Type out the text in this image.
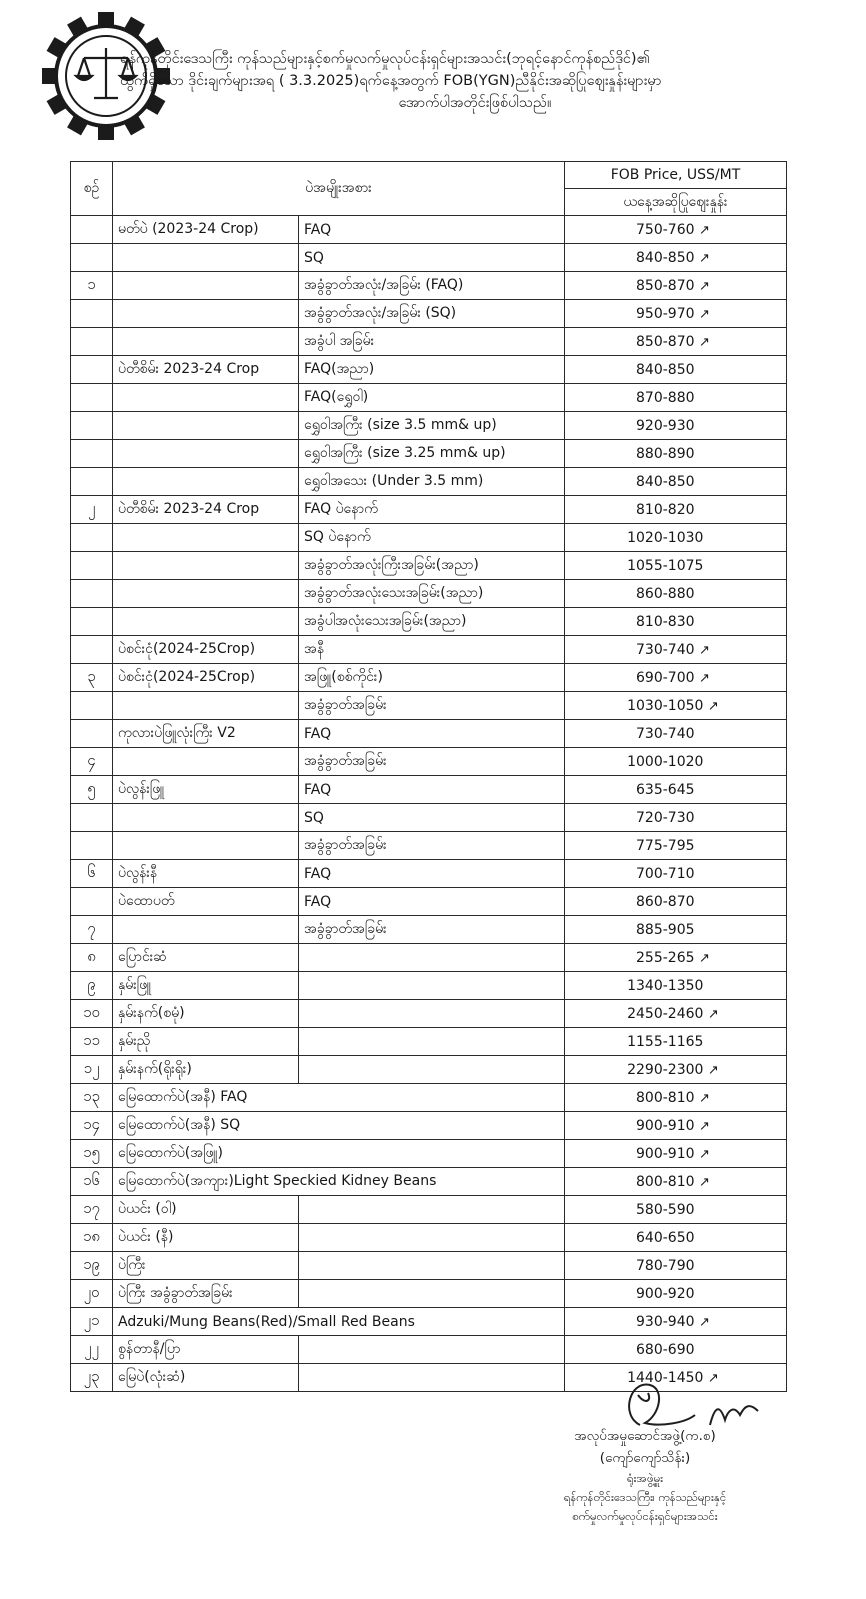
ရန်ကုန်တိုင်းဒေသကြီး ကုန်သည်များနှင့်စက်မှုလက်မှုလုပ်ငန်းရှင်များအသင်း(ဘုရင့်နောင်ကုန်စည်ဒိုင်)၏
ထွက်ရှိသော ဒိုင်းချက်များအရ ( 3.3.2025)ရက်နေ့အတွက် FOB(YGN)ညီနိုင်းအဆိုပြုဈေးနှုန်းများမှာ
အောက်ပါအတိုင်းဖြစ်ပါသည်။
စဉ်	ပဲအမျိုးအစား		FOB Price, USS/MT
			ယနေ့အဆိုပြုဈေးနှုန်း
	မတ်ပဲ (2023-24 Crop)	FAQ	750-760 ↗
		SQ	840-850 ↗
၁		အခွံခွာတ်အလုံး/အခြမ်း (FAQ)	850-870 ↗
		အခွံခွာတ်အလုံး/အခြမ်း (SQ)	950-970 ↗
		အခွံပါ အခြမ်း	850-870 ↗
	ပဲတီစိမ်း 2023-24 Crop	FAQ(အညာ)	840-850
		FAQ(ရွှေဝါ)	870-880
		ရွှေဝါအကြီး (size 3.5 mm& up)	920-930
		ရွှေဝါအကြီး (size 3.25 mm& up)	880-890
		ရွှေဝါအသေး (Under 3.5 mm)	840-850
၂	ပဲတီစိမ်း 2023-24 Crop	FAQ ပဲနောက်	810-820
		SQ ပဲနောက်	1020-1030
		အခွံခွာတ်အလုံးကြီးအခြမ်း(အညာ)	1055-1075
		အခွံခွာတ်အလုံးသေးအခြမ်း(အညာ)	860-880
		အခွံပါအလုံးသေးအခြမ်း(အညာ)	810-830
	ပဲစင်းငုံ(2024-25Crop)	အနီ	730-740 ↗
၃	ပဲစင်းငုံ(2024-25Crop)	အဖြူ(စစ်ကိုင်း)	690-700 ↗
		အခွံခွာတ်အခြမ်း	1030-1050 ↗
	ကုလားပဲဖြူလုံးကြီး V2	FAQ	730-740
၄		အခွံခွာတ်အခြမ်း	1000-1020
၅	ပဲလွန်းဖြူ	FAQ	635-645
		SQ	720-730
		အခွံခွာတ်အခြမ်း	775-795
၆	ပဲလွန်းနီ	FAQ	700-710
	ပဲထောပတ်	FAQ	860-870
၇		အခွံခွာတ်အခြမ်း	885-905
၈	ပြောင်းဆံ		255-265 ↗
၉	နှမ်းဖြူ		1340-1350
၁၀	နှမ်းနက်(စမုံ)		2450-2460 ↗
၁၁	နှမ်းညို		1155-1165
၁၂	နှမ်းနက်(ရိုးရိုး)		2290-2300 ↗
၁၃	မြေထောက်ပဲ(အနီ) FAQ		800-810 ↗
၁၄	မြေထောက်ပဲ(အနီ) SQ		900-910 ↗
၁၅	မြေထောက်ပဲ(အဖြူ)		900-910 ↗
၁၆	မြေထောက်ပဲ(အကျား)Light Speckied Kidney Beans		800-810 ↗
၁၇	ပဲယင်း (ဝါ)		580-590
၁၈	ပဲယင်း (နီ)		640-650
၁၉	ပဲကြီး		780-790
၂၀	ပဲကြီး အခွံခွာတ်အခြမ်း		900-920
၂၁	Adzuki/Mung Beans(Red)/Small Red Beans		930-940 ↗
၂၂	စွန်တာနီ/ပြာ		680-690
၂၃	မြေပဲ(လုံးဆံ)		1440-1450 ↗
အလုပ်အမှုဆောင်အဖွဲ့(က.စ)
(ကျော်ကျော်သိန်း)
ရုံးအဖွဲ့မှူး
ရန်ကုန်တိုင်းဒေသကြီး၊ ကုန်သည်များနှင့်
စက်မှုလက်မှုလုပ်ငန်းရှင်များအသင်း
